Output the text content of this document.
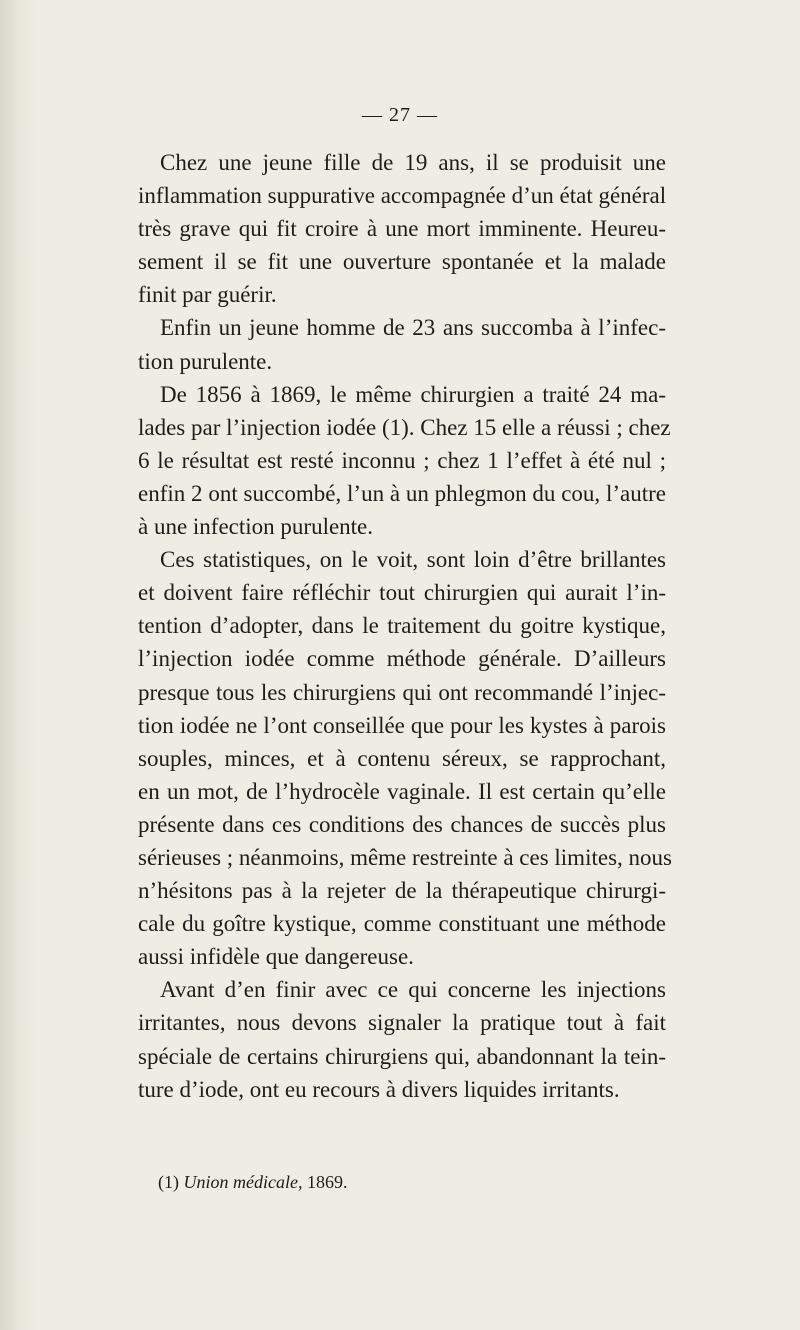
— 27 —
Chez une jeune fille de 19 ans, il se produisit une
inflammation suppurative accompagnée d’un état général
très grave qui fit croire à une mort imminente. Heureu-
sement il se fit une ouverture spontanée et la malade
finit par guérir.
Enfin un jeune homme de 23 ans succomba à l’infec-
tion purulente.
De 1856 à 1869, le même chirurgien a traité 24 ma-
lades par l’injection iodée (1). Chez 15 elle a réussi ; chez
6 le résultat est resté inconnu ; chez 1 l’effet à été nul ;
enfin 2 ont succombé, l’un à un phlegmon du cou, l’autre
à une infection purulente.
Ces statistiques, on le voit, sont loin d’être brillantes
et doivent faire réfléchir tout chirurgien qui aurait l’in-
tention d’adopter, dans le traitement du goitre kystique,
l’injection iodée comme méthode générale. D’ailleurs
presque tous les chirurgiens qui ont recommandé l’injec-
tion iodée ne l’ont conseillée que pour les kystes à parois
souples, minces, et à contenu séreux, se rapprochant,
en un mot, de l’hydrocèle vaginale. Il est certain qu’elle
présente dans ces conditions des chances de succès plus
sérieuses ; néanmoins, même restreinte à ces limites, nous
n’hésitons pas à la rejeter de la thérapeutique chirurgi-
cale du goître kystique, comme constituant une méthode
aussi infidèle que dangereuse.
Avant d’en finir avec ce qui concerne les injections
irritantes, nous devons signaler la pratique tout à fait
spéciale de certains chirurgiens qui, abandonnant la tein-
ture d’iode, ont eu recours à divers liquides irritants.
(1) Union médicale, 1869.
